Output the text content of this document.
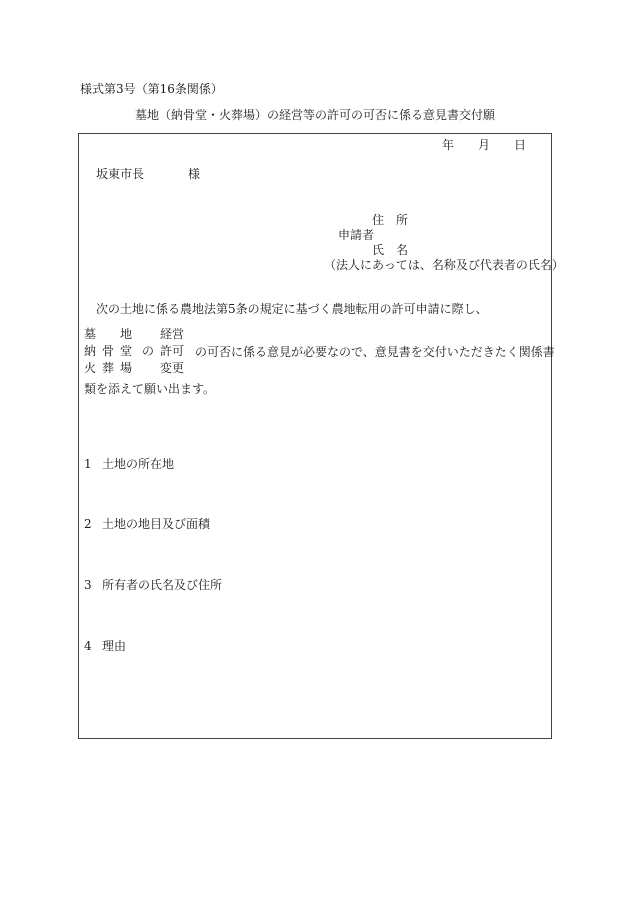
様式第3号（第16条関係）
墓地（納骨堂・火葬場）の経営等の許可の可否に係る意見書交付願
年 月 日
坂東市長	様
住　所
申請者
氏　名
（法人にあっては、名称及び代表者の氏名）
次の土地に係る農地法第5条の規定に基づく農地転用の許可申請に際し、
墓 地
納 骨 堂
火 葬 場
の
経営
許可
変更
の可否に係る意見が必要なので、意見書を交付いただきたく関係書
類を添えて願い出ます。
1 土地の所在地
2 土地の地目及び面積
3 所有者の氏名及び住所
4 理由
